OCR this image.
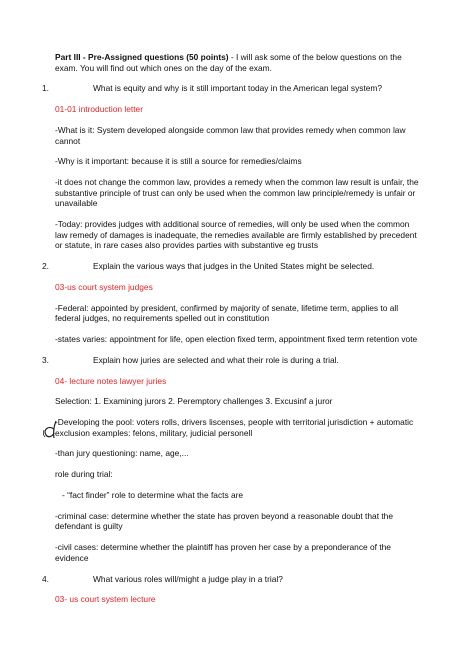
Part III - Pre-Assigned questions (50 points) - I will ask some of the below questions on the exam. You will find out which ones on the day of the exam.

1.	What is equity and why is it still important today in the American legal system?

01-01 introduction letter

-What is it: System developed alongside common law that provides remedy when common law cannot

-Why is it important: because it is still a source for remedies/claims

-it does not change the common law, provides a remedy when the common law result is unfair, the substantive principle of trust can only be used when the common law principle/remedy is unfair or unavailable

-Today: provides judges with additional source of remedies, will only be used when the common law remedy of damages is inadequate, the remedies available are firmly established by precedent or statute, in rare cases also provides parties with substantive eg trusts

2.	Explain the various ways that judges in the United States might be selected.

03-us court system judges

-Federal: appointed by president, confirmed by majority of senate, lifetime term, applies to all federal judges, no requirements spelled out in constitution

-states varies: appointment for life, open election fixed term, appointment fixed term retention vote

3.	Explain how juries are selected and what their role is during a trial.

04- lecture notes lawyer juries

Selection: 1. Examining jurors 2. Peremptory challenges 3. Excusinf a juror

-Developing the pool: voters rolls, drivers liscenses, people with territorial jurisdiction + automatic exclusion examples: felons, military, judicial personell

-than jury questioning: name, age,...

role during trial:

- “fact finder” role to determine what the facts are

-criminal case: determine whether the state has proven beyond a reasonable doubt that the defendant is guilty

-civil cases: determine whether the plaintiff has proven her case by a preponderance of the evidence

4.	What various roles will/might a judge play in a trial?

03- us court system lecture
